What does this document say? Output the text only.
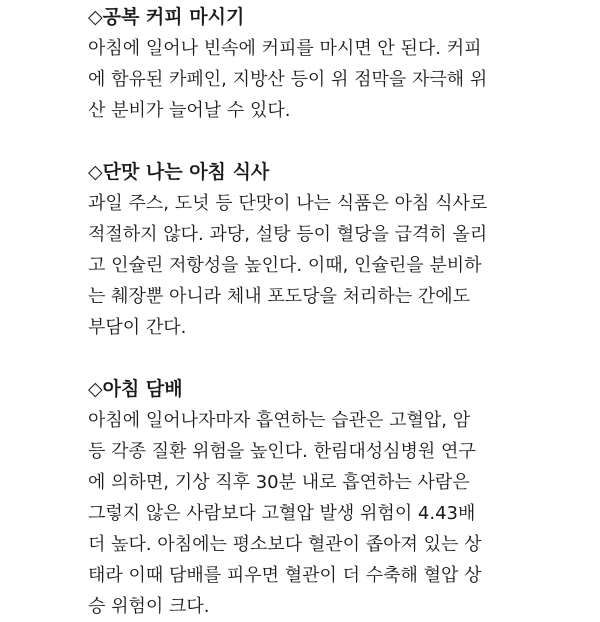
◇공복 커피 마시기

아침에 일어나 빈속에 커피를 마시면 안 된다. 커피
에 함유된 카페인, 지방산 등이 위 점막을 자극해 위
산 분비가 늘어날 수 있다.

◇단맛 나는 아침 식사

과일 주스, 도넛 등 단맛이 나는 식품은 아침 식사로
적절하지 않다. 과당, 설탕 등이 혈당을 급격히 올리
고 인슐린 저항성을 높인다. 이때, 인슐린을 분비하
는 췌장뿐 아니라 체내 포도당을 처리하는 간에도
부담이 간다.

◇아침 담배

아침에 일어나자마자 흡연하는 습관은 고혈압, 암
등 각종 질환 위험을 높인다. 한림대성심병원 연구
에 의하면, 기상 직후 30분 내로 흡연하는 사람은
그렇지 않은 사람보다 고혈압 발생 위험이 4.43배
더 높다. 아침에는 평소보다 혈관이 좁아져 있는 상
태라 이때 담배를 피우면 혈관이 더 수축해 혈압 상
승 위험이 크다.
